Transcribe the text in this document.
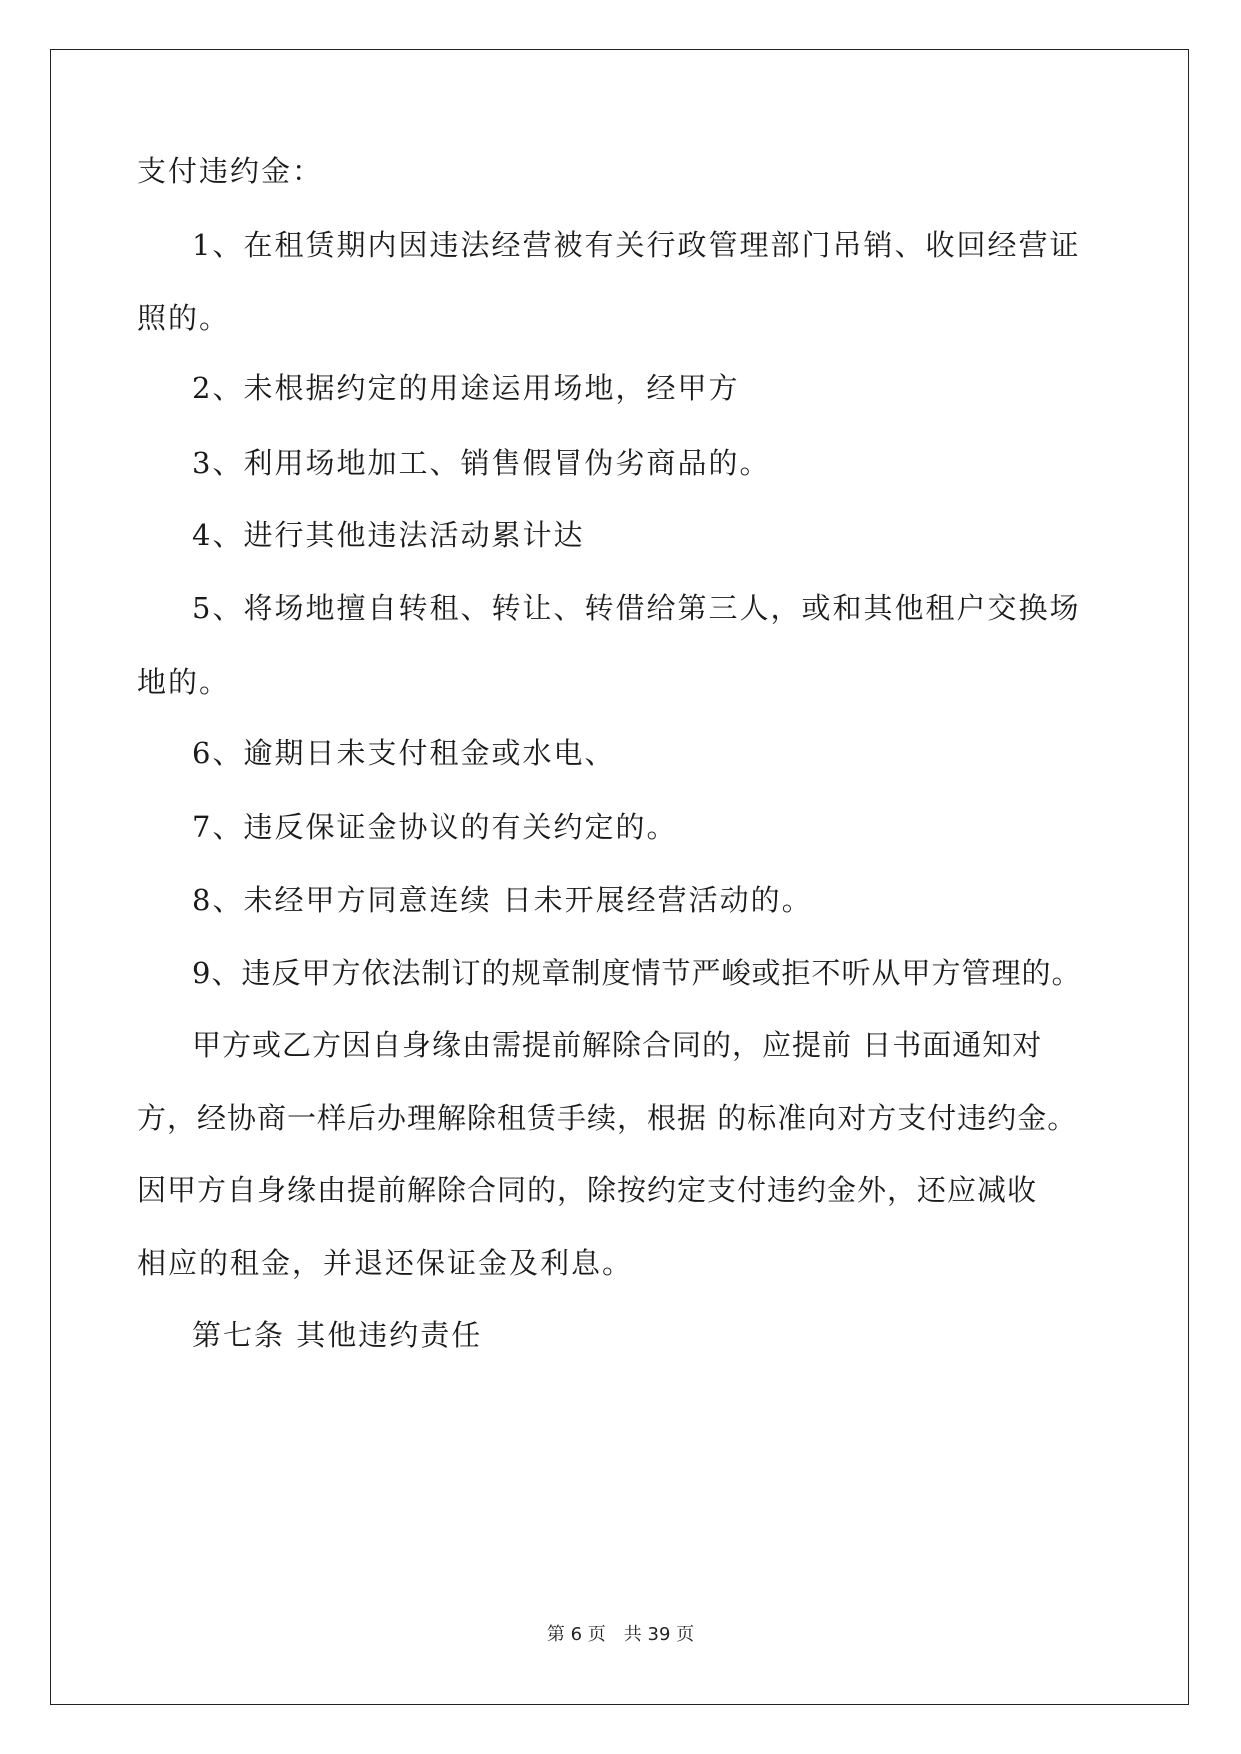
支付违约金：
1、在租赁期内因违法经营被有关行政管理部门吊销、收回经营证
照的。
2、未根据约定的用途运用场地，经甲方
3、利用场地加工、销售假冒伪劣商品的。
4、进行其他违法活动累计达
5、将场地擅自转租、转让、转借给第三人，或和其他租户交换场
地的。
6、逾期日未支付租金或水电、
7、违反保证金协议的有关约定的。
8、未经甲方同意连续 日未开展经营活动的。
9、违反甲方依法制订的规章制度情节严峻或拒不听从甲方管理的。
甲方或乙方因自身缘由需提前解除合同的，应提前 日书面通知对
方，经协商一样后办理解除租赁手续，根据 的标准向对方支付违约金。
因甲方自身缘由提前解除合同的，除按约定支付违约金外，还应减收
相应的租金，并退还保证金及利息。
第七条 其他违约责任
第 6 页　共 39 页
